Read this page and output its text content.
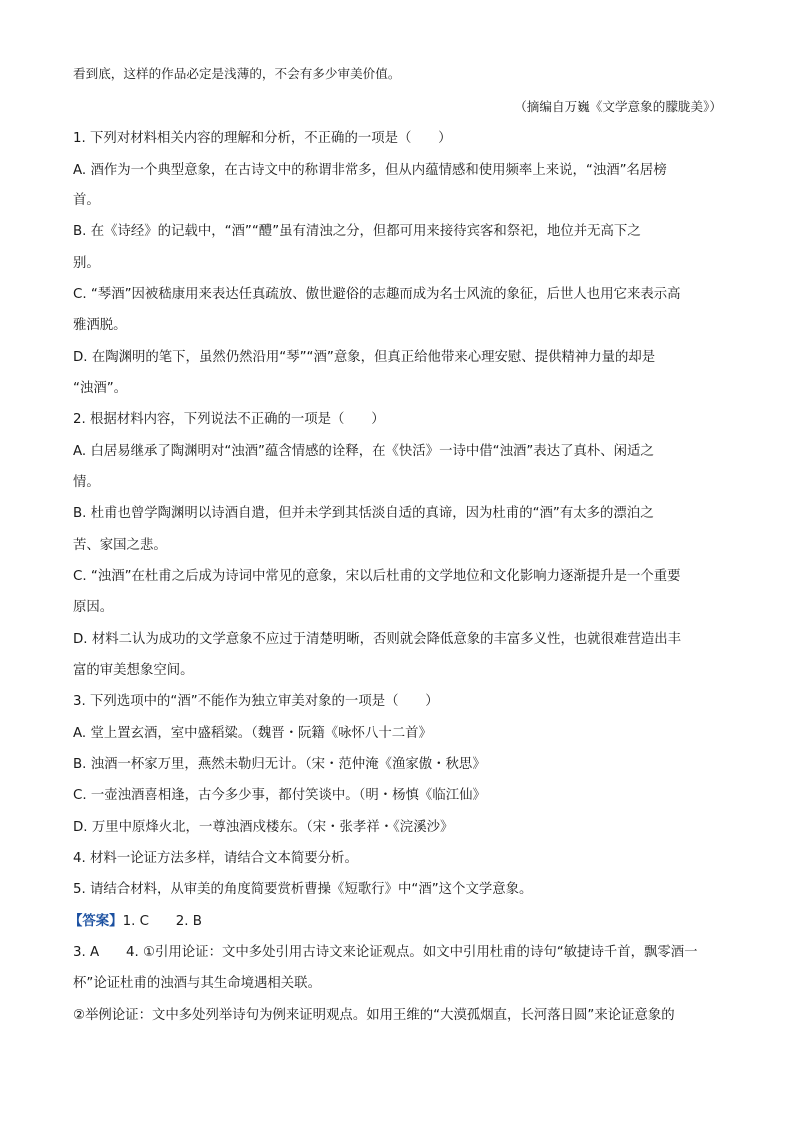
看到底，这样的作品必定是浅薄的，不会有多少审美价值。
（摘编自万巍《文学意象的朦胧美》）
1. 下列对材料相关内容的理解和分析，不正确的一项是（　　）
A. 酒作为一个典型意象，在古诗文中的称谓非常多，但从内蕴情感和使用频率上来说，“浊酒”名居榜
首。
B. 在《诗经》的记载中，“酒”“醴”虽有清浊之分，但都可用来接待宾客和祭祀，地位并无高下之
别。
C. “琴酒”因被嵇康用来表达任真疏放、傲世避俗的志趣而成为名士风流的象征，后世人也用它来表示高
雅洒脱。
D. 在陶渊明的笔下，虽然仍然沿用“琴”“酒”意象，但真正给他带来心理安慰、提供精神力量的却是
“浊酒”。
2. 根据材料内容，下列说法不正确的一项是（　　）
A. 白居易继承了陶渊明对“浊酒”蕴含情感的诠释，在《快活》一诗中借“浊酒”表达了真朴、闲适之
情。
B. 杜甫也曾学陶渊明以诗酒自遣，但并未学到其恬淡自适的真谛，因为杜甫的“酒”有太多的漂泊之
苦、家国之悲。
C. “浊酒”在杜甫之后成为诗词中常见的意象，宋以后杜甫的文学地位和文化影响力逐渐提升是一个重要
原因。
D. 材料二认为成功的文学意象不应过于清楚明晰，否则就会降低意象的丰富多义性，也就很难营造出丰
富的审美想象空间。
3. 下列选项中的“酒”不能作为独立审美对象的一项是（　　）
A. 堂上置玄酒，室中盛稻粱。（魏晋・阮籍《咏怀八十二首》
B. 浊酒一杯家万里，燕然未勒归无计。（宋・范仲淹《渔家傲・秋思》
C. 一壶浊酒喜相逢，古今多少事，都付笑谈中。（明・杨慎《临江仙》
D. 万里中原烽火北，一尊浊酒戍楼东。（宋・张孝祥・《浣溪沙》
4. 材料一论证方法多样，请结合文本简要分析。
5. 请结合材料，从审美的角度简要赏析曹操《短歌行》中“酒”这个文学意象。
【答案】1. C　　2. B
3. A　　4. ①引用论证：文中多处引用古诗文来论证观点。如文中引用杜甫的诗句“敏捷诗千首，飘零酒一
杯”论证杜甫的浊酒与其生命境遇相关联。
②举例论证：文中多处列举诗句为例来证明观点。如用王维的“大漠孤烟直，长河落日圆”来论证意象的
